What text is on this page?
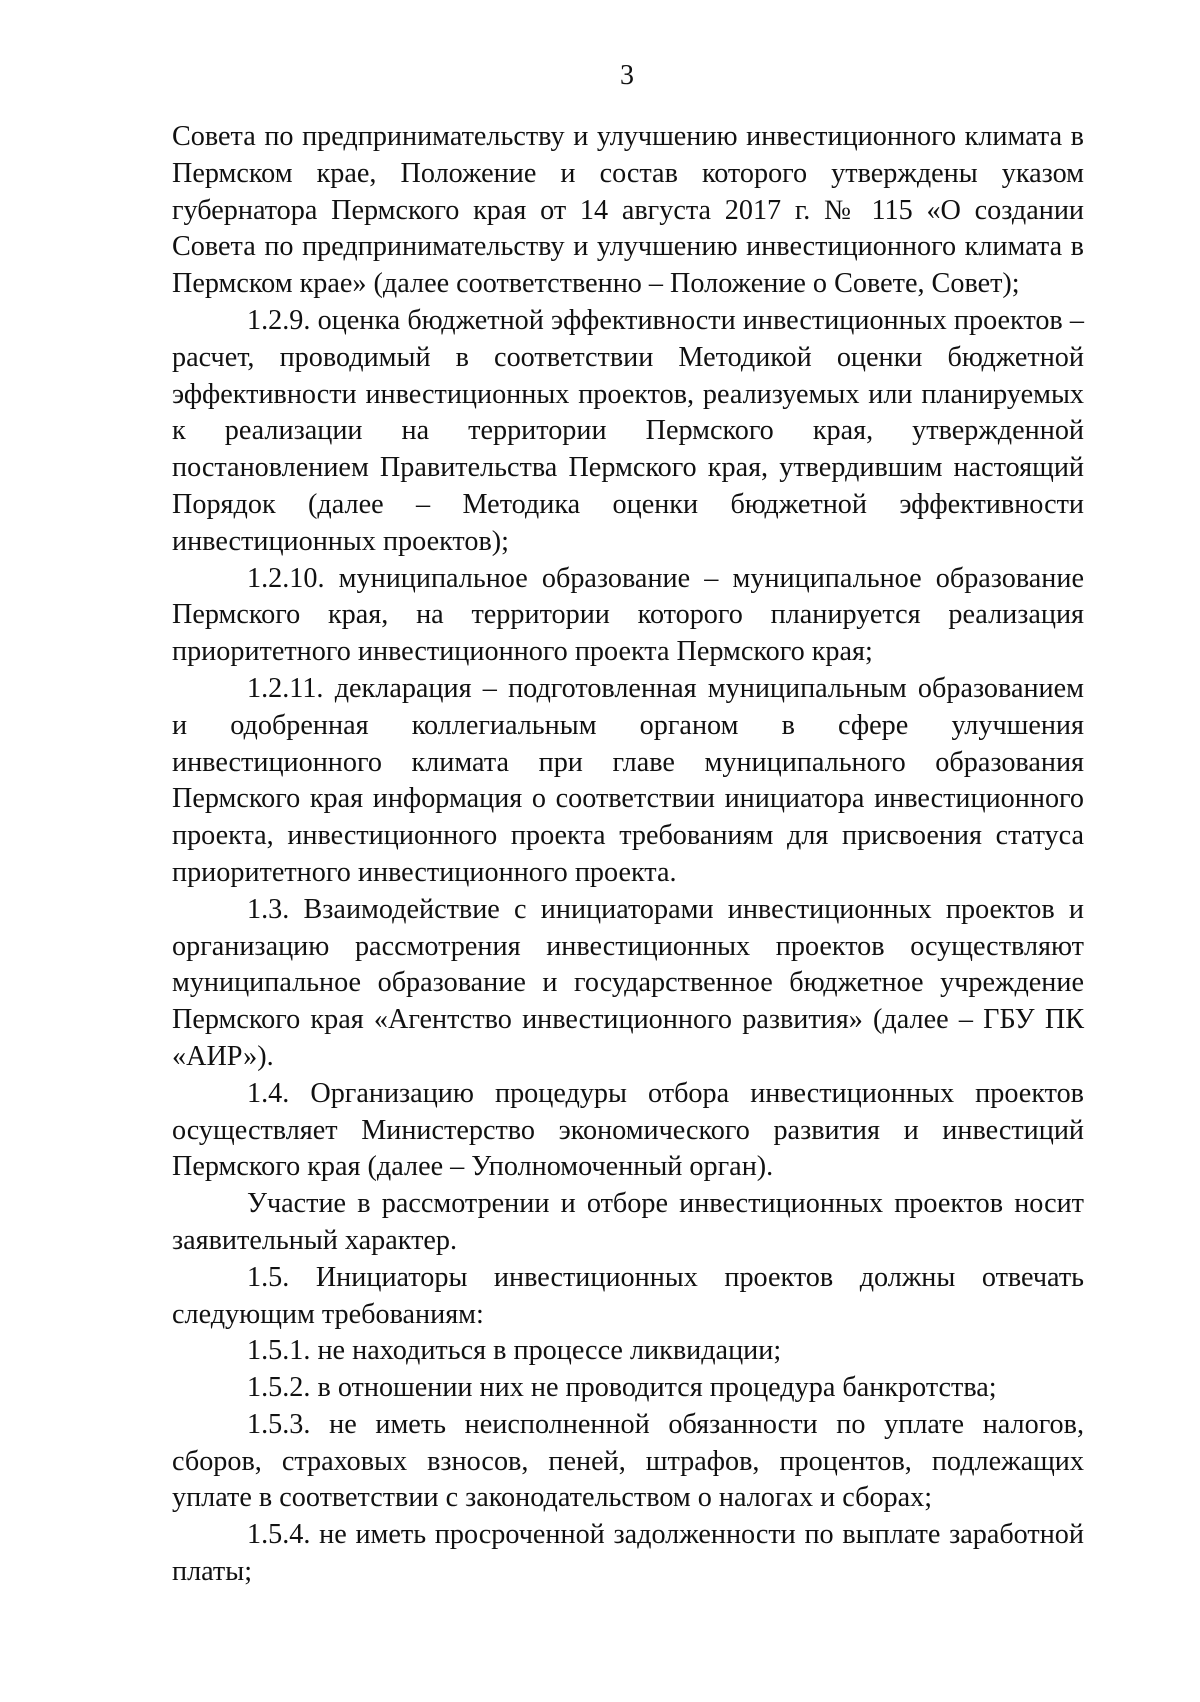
3

Совета по предпринимательству и улучшению инвестиционного климата в Пермском крае, Положение и состав которого утверждены указом губернатора Пермского края от 14 августа 2017 г. № 115 «О создании Совета по предпринимательству и улучшению инвестиционного климата в Пермском крае» (далее соответственно – Положение о Совете, Совет);

1.2.9. оценка бюджетной эффективности инвестиционных проектов – расчет, проводимый в соответствии Методикой оценки бюджетной эффективности инвестиционных проектов, реализуемых или планируемых к реализации на территории Пермского края, утвержденной постановлением Правительства Пермского края, утвердившим настоящий Порядок (далее – Методика оценки бюджетной эффективности инвестиционных проектов);

1.2.10. муниципальное образование – муниципальное образование Пермского края, на территории которого планируется реализация приоритетного инвестиционного проекта Пермского края;

1.2.11. декларация – подготовленная муниципальным образованием и одобренная коллегиальным органом в сфере улучшения инвестиционного климата при главе муниципального образования Пермского края информация о соответствии инициатора инвестиционного проекта, инвестиционного проекта требованиям для присвоения статуса приоритетного инвестиционного проекта.

1.3. Взаимодействие с инициаторами инвестиционных проектов и организацию рассмотрения инвестиционных проектов осуществляют муниципальное образование и государственное бюджетное учреждение Пермского края «Агентство инвестиционного развития» (далее – ГБУ ПК «АИР»).

1.4. Организацию процедуры отбора инвестиционных проектов осуществляет Министерство экономического развития и инвестиций Пермского края (далее – Уполномоченный орган).

Участие в рассмотрении и отборе инвестиционных проектов носит заявительный характер.

1.5. Инициаторы инвестиционных проектов должны отвечать следующим требованиям:

1.5.1. не находиться в процессе ликвидации;

1.5.2. в отношении них не проводится процедура банкротства;

1.5.3. не иметь неисполненной обязанности по уплате налогов, сборов, страховых взносов, пеней, штрафов, процентов, подлежащих уплате в соответствии с законодательством о налогах и сборах;

1.5.4. не иметь просроченной задолженности по выплате заработной платы;
